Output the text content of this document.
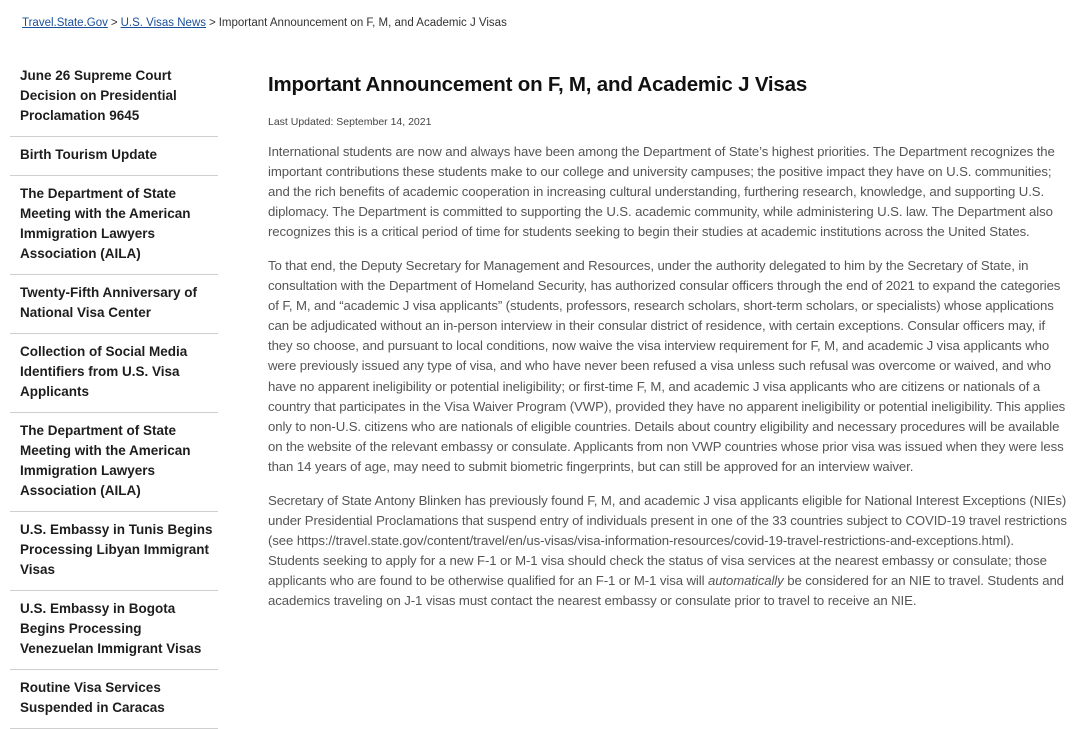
Travel.State.Gov > U.S. Visas News > Important Announcement on F, M, and Academic J Visas
June 26 Supreme Court Decision on Presidential Proclamation 9645
Birth Tourism Update
The Department of State Meeting with the American Immigration Lawyers Association (AILA)
Twenty-Fifth Anniversary of National Visa Center
Collection of Social Media Identifiers from U.S. Visa Applicants
The Department of State Meeting with the American Immigration Lawyers Association (AILA)
U.S. Embassy in Tunis Begins Processing Libyan Immigrant Visas
U.S. Embassy in Bogota Begins Processing Venezuelan Immigrant Visas
Routine Visa Services Suspended in Caracas
Important Announcement on F, M, and Academic J Visas
Last Updated: September 14, 2021

International students are now and always have been among the Department of State’s highest priorities. The Department recognizes the important contributions these students make to our college and university campuses; the positive impact they have on U.S. communities; and the rich benefits of academic cooperation in increasing cultural understanding, furthering research, knowledge, and supporting U.S. diplomacy. The Department is committed to supporting the U.S. academic community, while administering U.S. law. The Department also recognizes this is a critical period of time for students seeking to begin their studies at academic institutions across the United States.

To that end, the Deputy Secretary for Management and Resources, under the authority delegated to him by the Secretary of State, in consultation with the Department of Homeland Security, has authorized consular officers through the end of 2021 to expand the categories of F, M, and “academic J visa applicants” (students, professors, research scholars, short-term scholars, or specialists) whose applications can be adjudicated without an in-person interview in their consular district of residence, with certain exceptions. Consular officers may, if they so choose, and pursuant to local conditions, now waive the visa interview requirement for F, M, and academic J visa applicants who were previously issued any type of visa, and who have never been refused a visa unless such refusal was overcome or waived, and who have no apparent ineligibility or potential ineligibility; or first-time F, M, and academic J visa applicants who are citizens or nationals of a country that participates in the Visa Waiver Program (VWP), provided they have no apparent ineligibility or potential ineligibility. This applies only to non-U.S. citizens who are nationals of eligible countries. Details about country eligibility and necessary procedures will be available on the website of the relevant embassy or consulate. Applicants from non VWP countries whose prior visa was issued when they were less than 14 years of age, may need to submit biometric fingerprints, but can still be approved for an interview waiver.

Secretary of State Antony Blinken has previously found F, M, and academic J visa applicants eligible for National Interest Exceptions (NIEs) under Presidential Proclamations that suspend entry of individuals present in one of the 33 countries subject to COVID-19 travel restrictions (see https://travel.state.gov/content/travel/en/us-visas/visa-information-resources/covid-19-travel-restrictions-and-exceptions.html). Students seeking to apply for a new F-1 or M-1 visa should check the status of visa services at the nearest embassy or consulate; those applicants who are found to be otherwise qualified for an F-1 or M-1 visa will automatically be considered for an NIE to travel. Students and academics traveling on J-1 visas must contact the nearest embassy or consulate prior to travel to receive an NIE.
